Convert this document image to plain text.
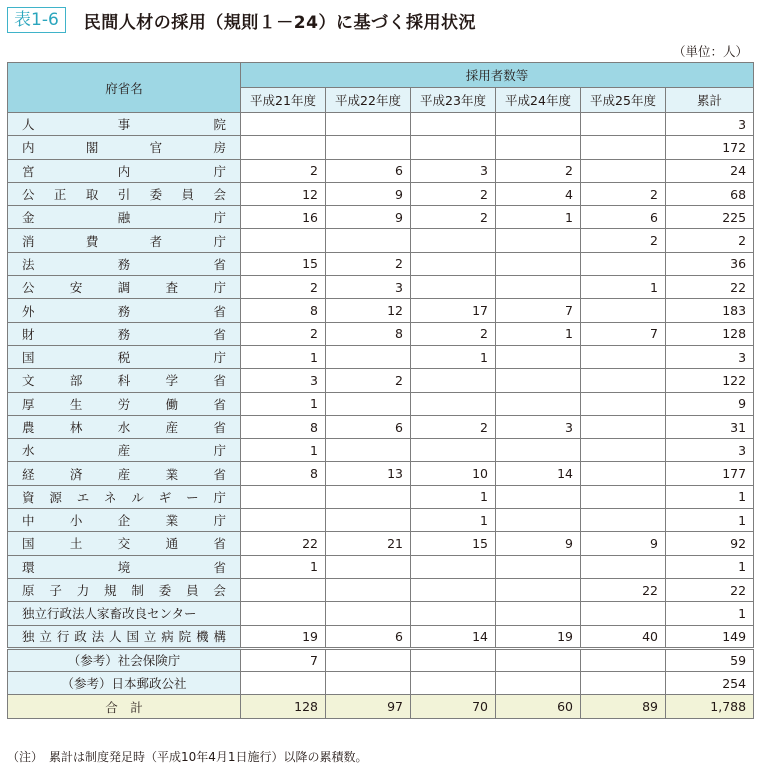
表1-6	民間人材の採用（規則１－24）に基づく採用状況
（単位：人）
府省名	採用者数等					
	平成21年度	平成22年度	平成23年度	平成24年度	平成25年度	累計

人 事 院						3

内 閣 官 房						172

宮 内 庁	2	6	3	2		24

公 正 取 引 委 員 会	12	9	2	4	2	68

金 融 庁	16	9	2	1	6	225

消 費 者 庁					2	2

法 務 省	15	2				36

公 安 調 査 庁	2	3			1	22

外 務 省	8	12	17	7		183

財 務 省	2	8	2	1	7	128

国 税 庁	1		1			3

文 部 科 学 省	3	2				122

厚 生 労 働 省	1					9

農 林 水 産 省	8	6	2	3		31

水 産 庁	1					3

経 済 産 業 省	8	13	10	14		177

資 源 エ ネ ル ギ ー 庁			1			1

中 小 企 業 庁			1			1

国 土 交 通 省	22	21	15	9	9	92

環 境 省	1					1

原 子 力 規 制 委 員 会					22	22
独立行政法人家畜改良センター						1

独 立 行 政 法 人 国 立 病 院 機 構	19	6	14	19	40	149
（参考）社会保険庁	7					59
（参考）日本郵政公社						254
合　計	128	97	70	60	89	1,788
（注）　累計は制度発足時（平成10年4月1日施行）以降の累積数。
